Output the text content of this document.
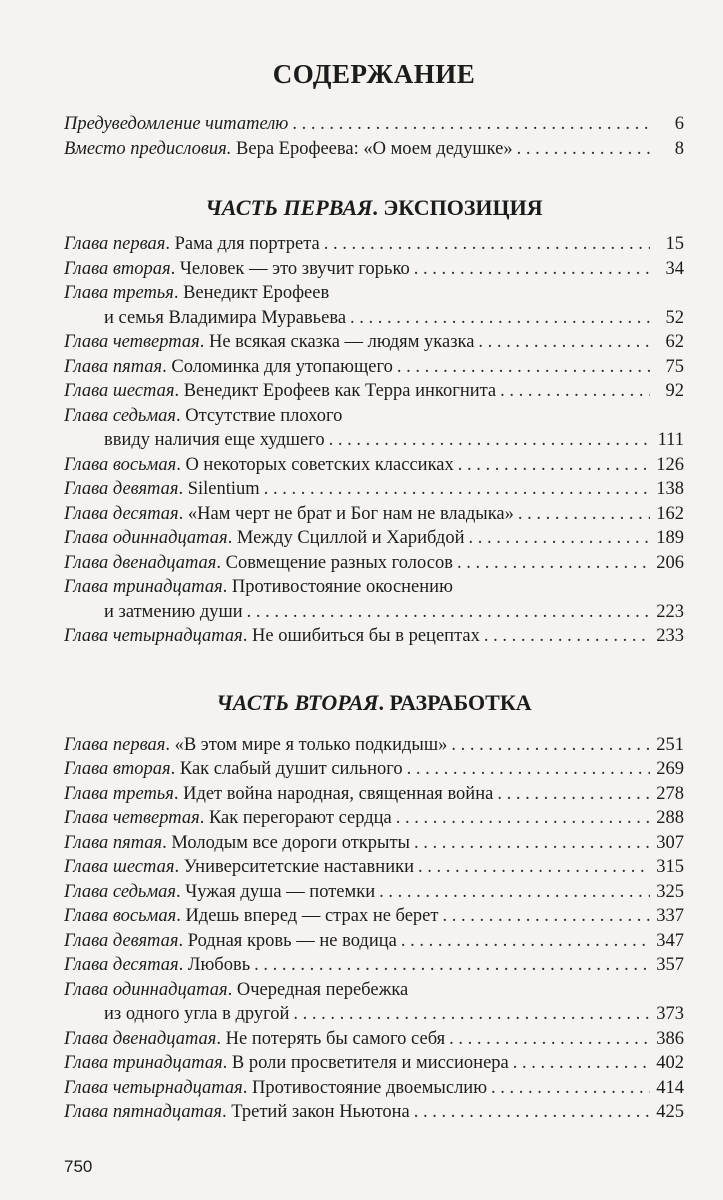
СОДЕРЖАНИЕ
Предуведомление читателю . . .	6
Вместо предисловия. Вера Ерофеева: «О моем дедушке» . . .	8
ЧАСТЬ ПЕРВАЯ. ЭКСПОЗИЦИЯ
Глава первая. Рама для портрета . . .	15
Глава вторая. Человек — это звучит горько . . .	34
Глава третья. Венедикт Ерофеев
и семья Владимира Муравьева . . .	52
Глава четвертая. Не всякая сказка — людям указка . . .	62
Глава пятая. Соломинка для утопающего . . .	75
Глава шестая. Венедикт Ерофеев как Терра инкогнита . . .	92
Глава седьмая. Отсутствие плохого
ввиду наличия еще худшего . . .	111
Глава восьмая. О некоторых советских классиках . . .	126
Глава девятая. Silentium . . .	138
Глава десятая. «Нам черт не брат и Бог нам не владыка» . . .	162
Глава одиннадцатая. Между Сциллой и Харибдой . . .	189
Глава двенадцатая. Совмещение разных голосов . . .	206
Глава тринадцатая. Противостояние окоснению
и затмению души . . .	223
Глава четырнадцатая. Не ошибиться бы в рецептах . . .	233
ЧАСТЬ ВТОРАЯ. РАЗРАБОТКА
Глава первая. «В этом мире я только подкидыш» . . .	251
Глава вторая. Как слабый душит сильного . . .	269
Глава третья. Идет война народная, священная война . . .	278
Глава четвертая. Как перегорают сердца . . .	288
Глава пятая. Молодым все дороги открыты . . .	307
Глава шестая. Университетские наставники . . .	315
Глава седьмая. Чужая душа — потемки . . .	325
Глава восьмая. Идешь вперед — страх не берет . . .	337
Глава девятая. Родная кровь — не водица . . .	347
Глава десятая. Любовь . . .	357
Глава одиннадцатая. Очередная перебежка
из одного угла в другой . . .	373
Глава двенадцатая. Не потерять бы самого себя . . .	386
Глава тринадцатая. В роли просветителя и миссионера . . .	402
Глава четырнадцатая. Противостояние двоемыслию . . .	414
Глава пятнадцатая. Третий закон Ньютона . . .	425
750
